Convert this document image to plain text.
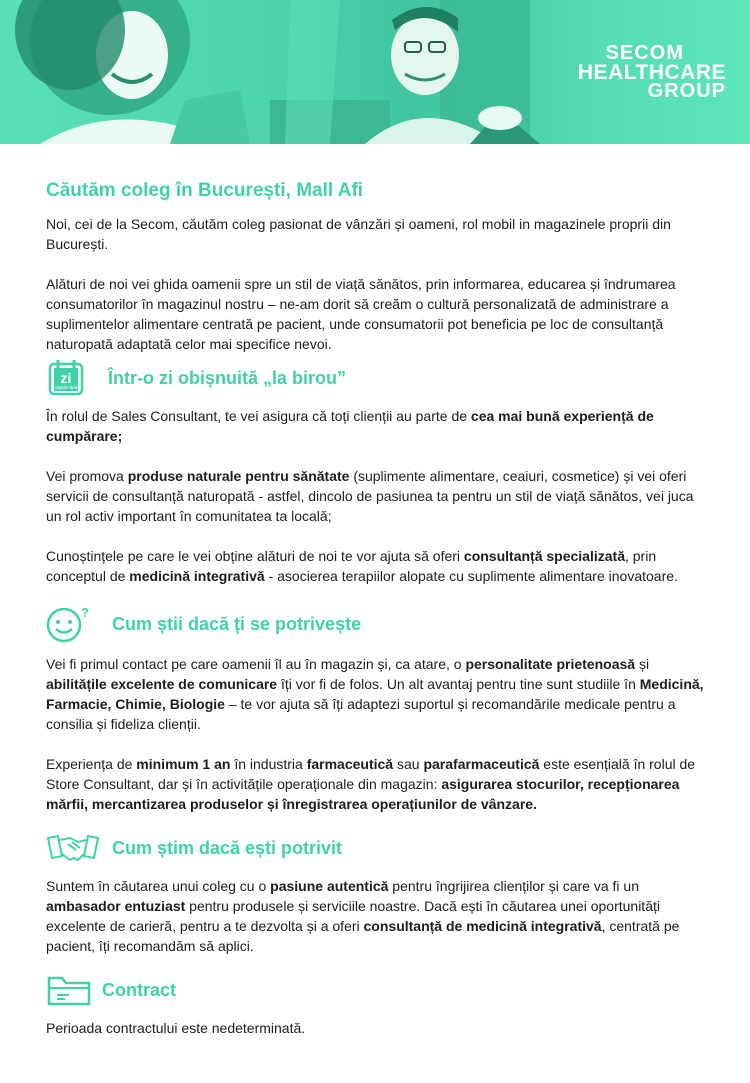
SECOM
HEALTHCARE
GROUP
Căutăm coleg în București, Mall Afi

Noi, cei de la Secom, căutăm coleg pasionat de vânzări și oameni, rol mobil in magazinele proprii din București.

Alături de noi vei ghida oamenii spre un stil de viață sănătos, prin informarea, educarea și îndrumarea consumatorilor în magazinul nostru – ne-am dorit să creăm o cultură personalizată de administrare a suplimentelor alimentare centrată pe pacient, unde consumatorii pot beneficia pe loc de consultanță naturopată adaptată celor mai specifice nevoi.

zi
săptămână Într-o zi obișnuită „la birou”

În rolul de Sales Consultant, te vei asigura că toți clienții au parte de cea mai bună experiență de cumpărare;

Vei promova produse naturale pentru sănătate (suplimente alimentare, ceaiuri, cosmetice) și vei oferi servicii de consultanță naturopată - astfel, dincolo de pasiunea ta pentru un stil de viață sănătos, vei juca un rol activ important în comunitatea ta locală;

Cunoștințele pe care le vei obține alături de noi te vor ajuta să oferi consultanță specializată, prin conceptul de medicină integrativă - asocierea terapiilor alopate cu suplimente alimentare inovatoare.

?
Cum știi dacă ți se potrivește

Vei fi primul contact pe care oamenii îl au în magazin și, ca atare, o personalitate prietenoasă și abilitățile excelente de comunicare îți vor fi de folos. Un alt avantaj pentru tine sunt studiile în Medicină, Farmacie, Chimie, Biologie – te vor ajuta să îți adaptezi suportul și recomandările medicale pentru a consilia și fideliza clienții.

Experiența de minimum 1 an în industria farmaceutică sau parafarmaceutică este esențială în rolul de Store Consultant, dar și în activitățile operaționale din magazin: asigurarea stocurilor, recepționarea mărfii, mercantizarea produselor și înregistrarea operațiunilor de vânzare.

Cum știm dacă ești potrivit

Suntem în căutarea unui coleg cu o pasiune autentică pentru îngrijirea clienților și care va fi un ambasador entuziast pentru produsele și serviciile noastre. Dacă ești în căutarea unei oportunități excelente de carieră, pentru a te dezvolta și a oferi consultanță de medicină integrativă, centrată pe pacient, îți recomandăm să aplici.

Contract

Perioada contractului este nedeterminată.
